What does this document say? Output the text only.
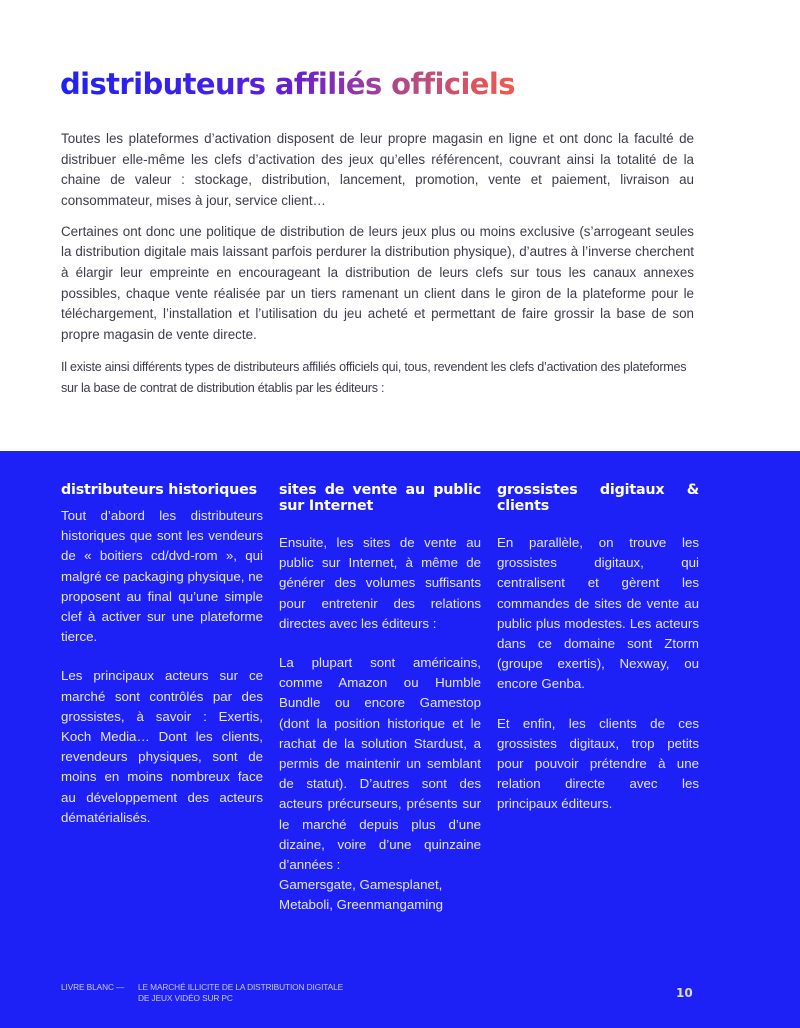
distributeurs affiliés officiels

Toutes les plateformes d’activation disposent de leur propre magasin en ligne et ont donc la faculté de distribuer elle-même les clefs d’activation des jeux qu’elles référencent, couvrant ainsi la totalité de la chaine de valeur : stockage, distribution, lancement, promotion, vente et paiement, livraison au consommateur, mises à jour, service client…

Certaines ont donc une politique de distribution de leurs jeux plus ou moins exclusive (s’arrogeant seules la distribution digitale mais laissant parfois perdurer la distribution physique), d’autres à l’inverse cherchent à élargir leur empreinte en encourageant la distribution de leurs clefs sur tous les canaux annexes possibles, chaque vente réalisée par un tiers ramenant un client dans le giron de la plateforme pour le téléchargement, l’installation et l’utilisation du jeu acheté et permettant de faire grossir la base de son propre magasin de vente directe.

Il existe ainsi différents types de distributeurs affiliés officiels qui, tous, revendent les clefs d’activation des plateformes sur la base de contrat de distribution établis par les éditeurs :

distributeurs historiques

Tout d’abord les distributeurs historiques que sont les vendeurs de « boitiers cd/dvd-rom », qui malgré ce packaging physique, ne proposent au final qu’une simple clef à activer sur une plateforme tierce.

Les principaux acteurs sur ce marché sont contrôlés par des grossistes, à savoir : Exertis, Koch Media… Dont les clients, revendeurs physiques, sont de moins en moins nombreux face au développement des acteurs dématérialisés.

sites de vente au public sur Internet

Ensuite, les sites de vente au public sur Internet, à même de générer des volumes suffisants pour entretenir des relations directes avec les éditeurs :

La plupart sont américains, comme Amazon ou Humble Bundle ou encore Gamestop (dont la position historique et le rachat de la solution Stardust, a permis de maintenir un semblant de statut). D’autres sont des acteurs précurseurs, présents sur le marché depuis plus d’une dizaine, voire d’une quinzaine d’années :
Gamersgate, Gamesplanet,
Metaboli, Greenmangaming

grossistes digitaux & clients

En parallèle, on trouve les grossistes digitaux, qui centralisent et gèrent les commandes de sites de vente au public plus modestes. Les acteurs dans ce domaine sont Ztorm (groupe exertis), Nexway, ou encore Genba.

Et enfin, les clients de ces grossistes digitaux, trop petits pour pouvoir prétendre à une relation directe avec les principaux éditeurs.

LIVRE BLANC — LE MARCHÉ ILLICITE DE LA DISTRIBUTION DIGITALE
DE JEUX VIDÉO SUR PC	10
